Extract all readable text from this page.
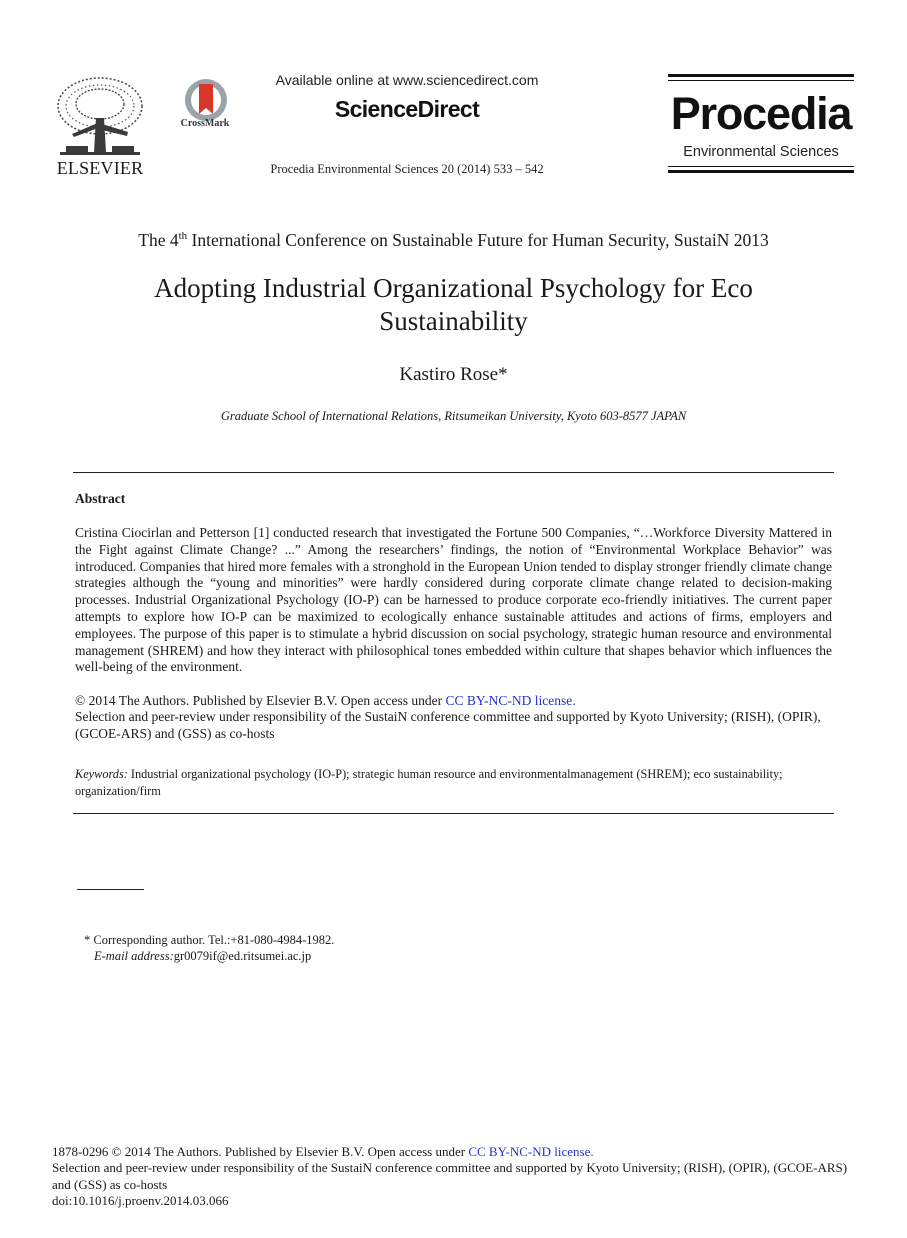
ELSEVIER
CrossMark
Available online at www.sciencedirect.com
ScienceDirect
Procedia Environmental Sciences 20 (2014) 533 – 542
Procedia
Environmental Sciences
The 4th International Conference on Sustainable Future for Human Security, SustaiN 2013
Adopting Industrial Organizational Psychology for Eco
Sustainability
Kastiro Rose*
Graduate School of International Relations, Ritsumeikan University, Kyoto 603-8577 JAPAN
Abstract
Cristina Ciocirlan and Petterson [1] conducted research that investigated the Fortune 500 Companies, “…Workforce Diversity Mattered in the Fight against Climate Change? ...” Among the researchers’ findings, the notion of “Environmental Workplace Behavior” was introduced. Companies that hired more females with a stronghold in the European Union tended to display stronger friendly climate change strategies although the “young and minorities” were hardly considered during corporate climate change related to decision-making processes. Industrial Organizational Psychology (IO-P) can be harnessed to produce corporate eco-friendly initiatives. The current paper attempts to explore how IO-P can be maximized to ecologically enhance sustainable attitudes and actions of firms, employers and employees. The purpose of this paper is to stimulate a hybrid discussion on social psychology, strategic human resource and environmental management (SHREM) and how they interact with philosophical tones embedded within culture that shapes behavior which influences the well-being of the environment.
© 2014 The Authors. Published by Elsevier B.V. Open access under CC BY-NC-ND license.
Selection and peer-review under responsibility of the SustaiN conference committee and supported by Kyoto University; (RISH), (OPIR), (GCOE-ARS) and (GSS) as co-hosts
Keywords: Industrial organizational psychology (IO-P); strategic human resource and environmentalmanagement (SHREM); eco sustainability; organization/firm
* Corresponding author. Tel.:+81-080-4984-1982.
E-mail address:gr0079if@ed.ritsumei.ac.jp
1878-0296 © 2014 The Authors. Published by Elsevier B.V. Open access under CC BY-NC-ND license.
Selection and peer-review under responsibility of the SustaiN conference committee and supported by Kyoto University; (RISH), (OPIR), (GCOE-ARS) and (GSS) as co-hosts
doi:10.1016/j.proenv.2014.03.066
